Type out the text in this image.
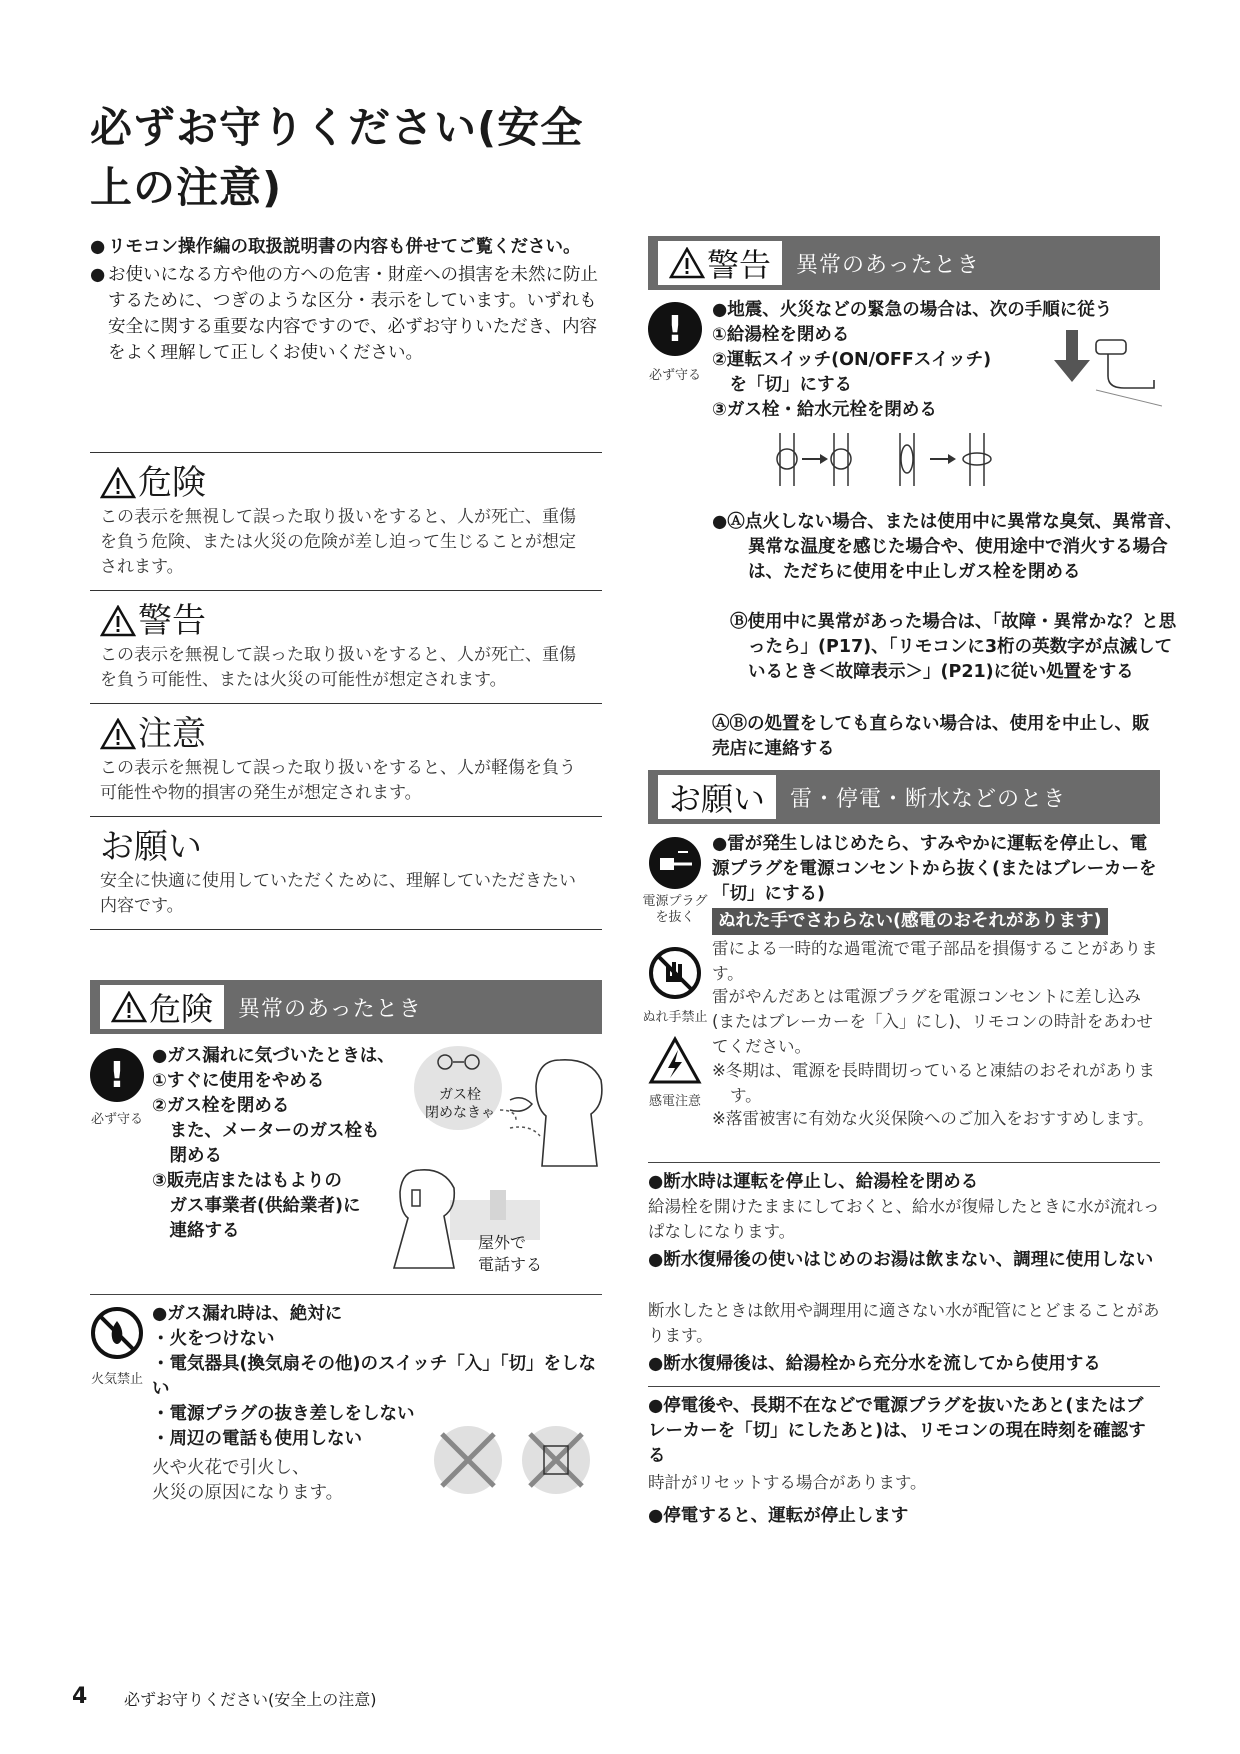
必ずお守りください(安全
上の注意)
● リモコン操作編の取扱説明書の内容も併せてご覧ください。
● お使いになる方や他の方への危害・財産への損害を未然に防止するために、つぎのような区分・表示をしています。いずれも安全に関する重要な内容ですので、必ずお守りいただき、内容をよく理解して正しくお使いください。
危険
この表示を無視して誤った取り扱いをすると、人が死亡、重傷を負う危険、または火災の危険が差し迫って生じることが想定されます。
警告
この表示を無視して誤った取り扱いをすると、人が死亡、重傷を負う可能性、または火災の可能性が想定されます。
注意
この表示を無視して誤った取り扱いをすると、人が軽傷を負う可能性や物的損害の発生が想定されます。
お願い
安全に快適に使用していただくために、理解していただきたい内容です。
危険 異常のあったとき
!
必ず守る
●ガス漏れに気づいたときは、
①すぐに使用をやめる
②ガス栓を閉める
　また、メーターのガス栓も
　閉める
③販売店またはもよりの
　ガス事業者(供給業者)に
　連絡する
ガス栓
閉めなきゃ
屋外で
電話する
火気禁止
●ガス漏れ時は、絶対に
・火をつけない
・電気器具(換気扇その他)のスイッチ「入」「切」をしない
・電源プラグの抜き差しをしない
・周辺の電話も使用しない
火や火花で引火し、
火災の原因になります。
警告 異常のあったとき
!
必ず守る
●地震、火災などの緊急の場合は、次の手順に従う
①給湯栓を閉める
②運転スイッチ(ON/OFFスイッチ)
　を「切」にする
③ガス栓・給水元栓を閉める
●Ⓐ点火しない場合、または使用中に異常な臭気、異常音、異常な温度を感じた場合や、使用途中で消火する場合は、ただちに使用を中止しガス栓を閉める
Ⓑ使用中に異常があった場合は、「故障・異常かな？と思ったら」(P17)、「リモコンに3桁の英数字が点滅しているとき＜故障表示＞」(P21)に従い処置をする
ⒶⒷの処置をしても直らない場合は、使用を中止し、販売店に連絡する
お願い	雷・停電・断水などのとき
電源プラグを抜く
●雷が発生しはじめたら、すみやかに運転を停止し、電源プラグを電源コンセントから抜く(またはブレーカーを「切」にする)
ぬれた手でさわらない(感電のおそれがあります)
ぬれ手禁止
感電注意
雷による一時的な過電流で電子部品を損傷することがあります。
雷がやんだあとは電源プラグを電源コンセントに差し込み(またはブレーカーを「入」にし)、リモコンの時計をあわせてください。
※冬期は、電源を長時間切っていると凍結のおそれがあります。
※落雷被害に有効な火災保険へのご加入をおすすめします。
●断水時は運転を停止し、給湯栓を閉める
給湯栓を開けたままにしておくと、給水が復帰したときに水が流れっぱなしになります。
●断水復帰後の使いはじめのお湯は飲まない、調理に使用しない
断水したときは飲用や調理用に適さない水が配管にとどまることがあります。
●断水復帰後は、給湯栓から充分水を流してから使用する
●停電後や、長期不在などで電源プラグを抜いたあと(またはブレーカーを「切」にしたあと)は、リモコンの現在時刻を確認する
時計がリセットする場合があります。
●停電すると、運転が停止します
4 必ずお守りください(安全上の注意)
